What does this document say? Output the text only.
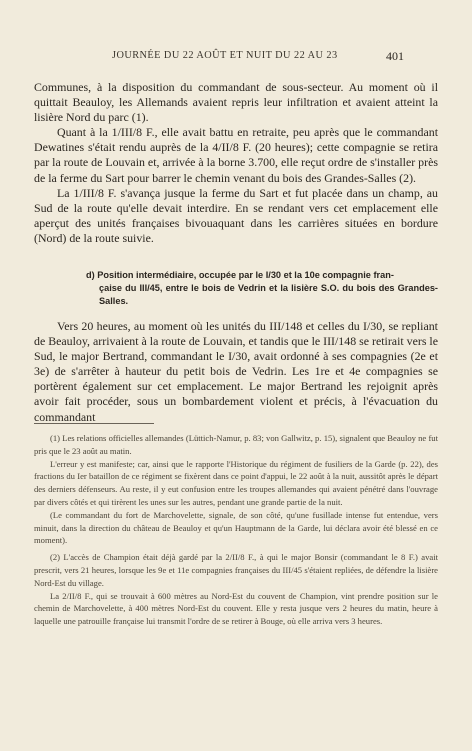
JOURNÉE DU 22 AOÛT ET NUIT DU 22 AU 23	401

Communes, à la disposition du commandant de sous-secteur. Au moment où il quittait Beauloy, les Allemands avaient repris leur infiltration et avaient atteint la lisière Nord du parc (1).

Quant à la 1/III/8 F., elle avait battu en retraite, peu après que le commandant Dewatines s'était rendu auprès de la 4/II/8 F. (20 heures); cette compagnie se retira par la route de Louvain et, arrivée à la borne 3.700, elle reçut ordre de s'installer près de la ferme du Sart pour barrer le chemin venant du bois des Grandes-Salles (2).

La 1/III/8 F. s'avança jusque la ferme du Sart et fut placée dans un champ, au Sud de la route qu'elle devait interdire. En se rendant vers cet emplacement elle aperçut des unités françaises bivouaquant dans les carrières situées en bordure (Nord) de la route suivie.

d) Position intermédiaire, occupée par le I/30 et la 10e compagnie fran-
çaise du III/45, entre le bois de Vedrin et la lisière S.O. du bois des Grandes-Salles.

Vers 20 heures, au moment où les unités du III/148 et celles du I/30, se repliant de Beauloy, arrivaient à la route de Louvain, et tandis que le III/148 se retirait vers le Sud, le major Bertrand, commandant le I/30, avait ordonné à ses compagnies (2e et 3e) de s'arrêter à hauteur du petit bois de Vedrin. Les 1re et 4e compagnies se portèrent également sur cet emplacement. Le major Bertrand les rejoignit après avoir fait procéder, sous un bombardement violent et précis, à l'évacuation du commandant

(1) Les relations officielles allemandes (Lüttich-Namur, p. 83; von Gallwitz, p. 15), signalent que Beauloy ne fut pris que le 23 août au matin.

L'erreur y est manifeste; car, ainsi que le rapporte l'Historique du régiment de fusiliers de la Garde (p. 22), des fractions du Ier bataillon de ce régiment se fixèrent dans ce point d'appui, le 22 août à la nuit, aussitôt après le départ des derniers défenseurs. Au reste, il y eut confusion entre les troupes allemandes qui avaient pénétré dans l'ouvrage par divers côtés et qui tirèrent les unes sur les autres, pendant une grande partie de la nuit.

(Le commandant du fort de Marchovelette, signale, de son côté, qu'une fusillade intense fut entendue, vers minuit, dans la direction du château de Beauloy et qu'un Hauptmann de la Garde, lui déclara avoir été blessé en ce moment).

(2) L'accès de Champion était déjà gardé par la 2/II/8 F., à qui le major Bonsir (commandant le 8 F.) avait prescrit, vers 21 heures, lorsque les 9e et 11e compagnies françaises du III/45 s'étaient repliées, de défendre la lisière Nord-Est du village.

La 2/II/8 F., qui se trouvait à 600 mètres au Nord-Est du couvent de Champion, vint prendre position sur le chemin de Marchovelette, à 400 mètres Nord-Est du couvent. Elle y resta jusque vers 2 heures du matin, heure à laquelle une patrouille française lui transmit l'ordre de se retirer à Bouge, où elle arriva vers 3 heures.
